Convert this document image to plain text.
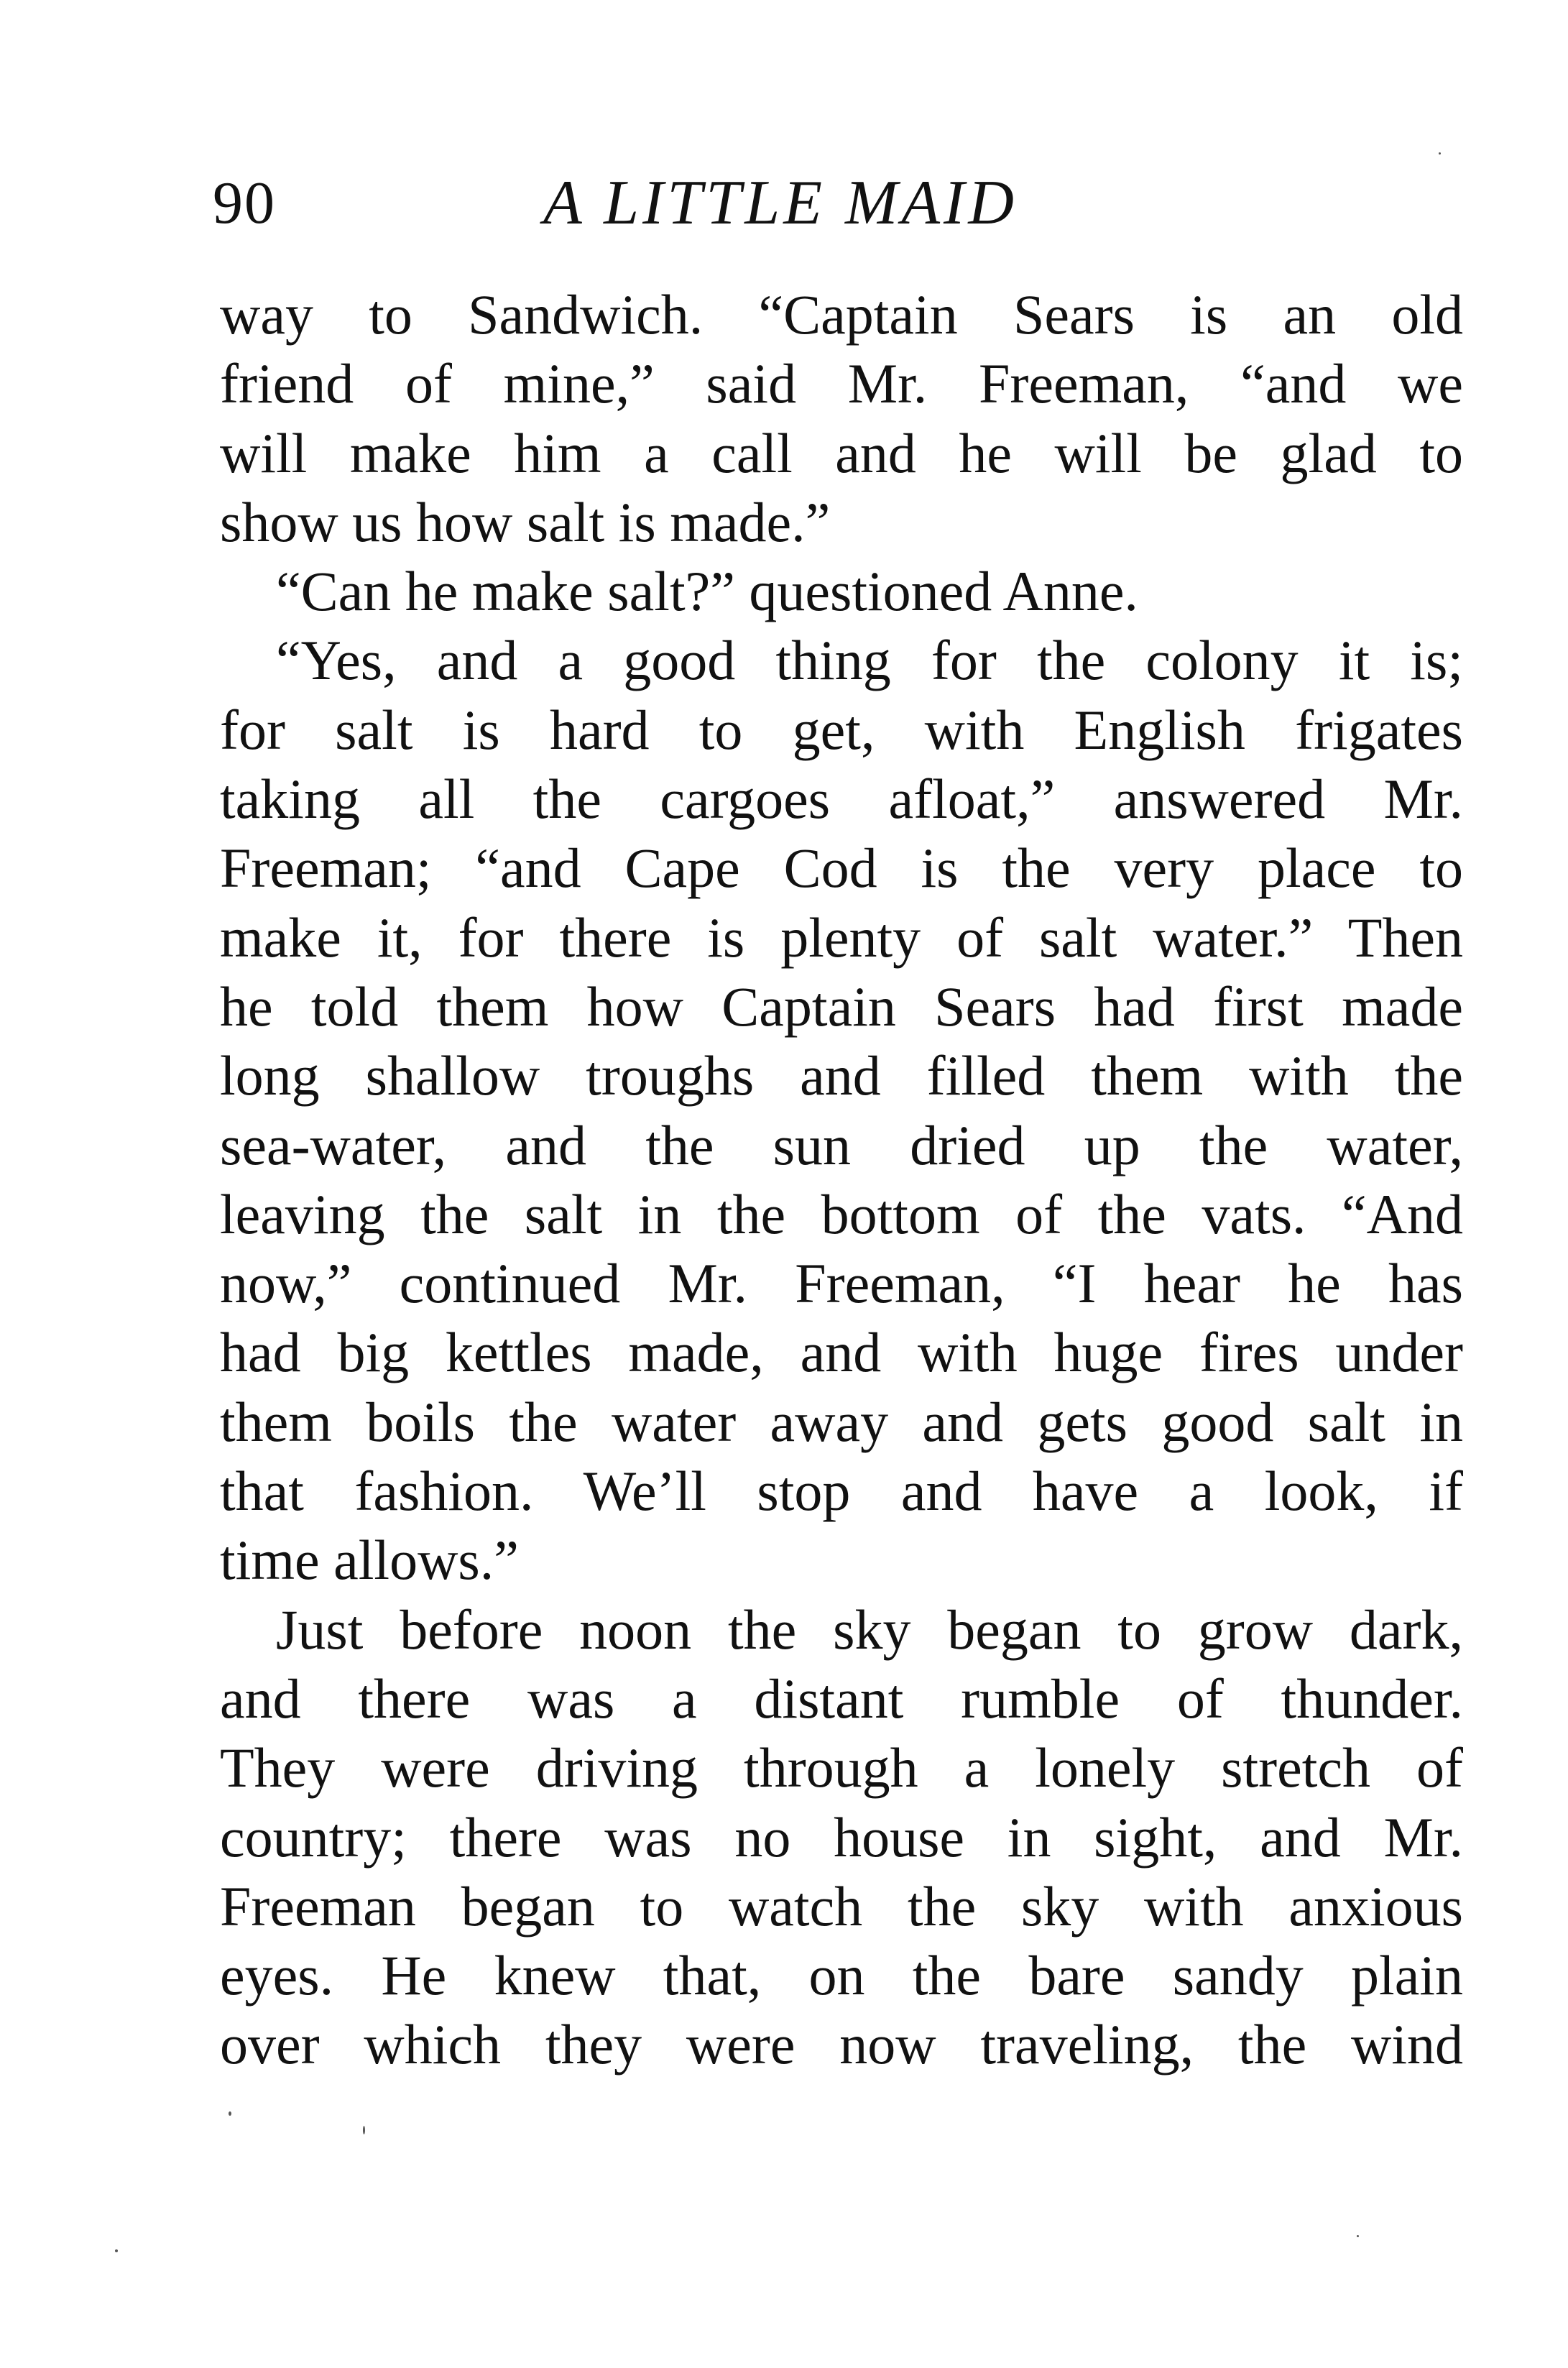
90	A LITTLE MAID
way to Sandwich. “Captain Sears is an old
friend of mine,” said Mr. Freeman, “and we
will make him a call and he will be glad to
show us how salt is made.”
“Can he make salt?” questioned Anne.
“Yes, and a good thing for the colony it is;
for salt is hard to get, with English frigates
taking all the cargoes afloat,” answered Mr.
Freeman; “and Cape Cod is the very place to
make it, for there is plenty of salt water.” Then
he told them how Captain Sears had first made
long shallow troughs and filled them with the
sea-water, and the sun dried up the water,
leaving the salt in the bottom of the vats. “And
now,” continued Mr. Freeman, “I hear he has
had big kettles made, and with huge fires under
them boils the water away and gets good salt in
that fashion. We’ll stop and have a look, if
time allows.”
Just before noon the sky began to grow dark,
and there was a distant rumble of thunder.
They were driving through a lonely stretch of
country; there was no house in sight, and Mr.
Freeman began to watch the sky with anxious
eyes. He knew that, on the bare sandy plain
over which they were now traveling, the wind
